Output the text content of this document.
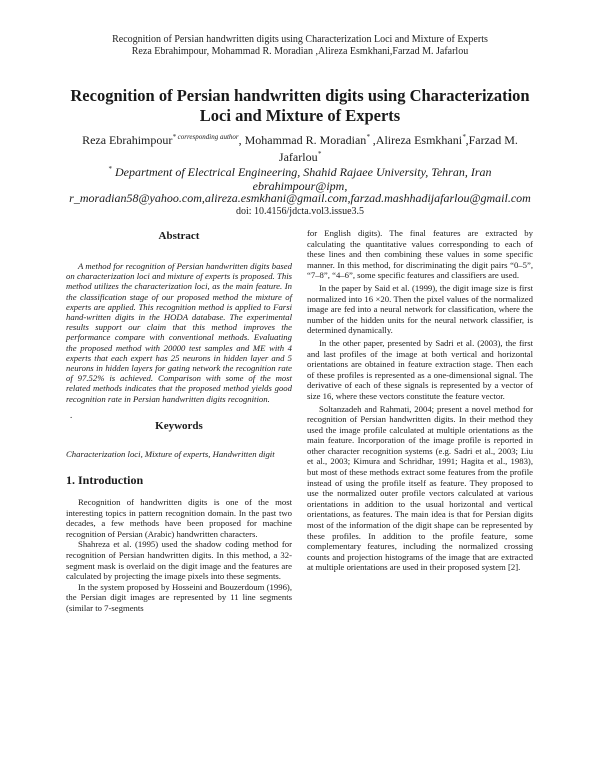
Recognition of Persian handwritten digits using Characterization Loci and Mixture of Experts
Reza Ebrahimpour, Mohammad R. Moradian ,Alireza Esmkhani,Farzad M. Jafarlou
Recognition of Persian handwritten digits using Characterization
Loci and Mixture of Experts
Reza Ebrahimpour$^{* corresponding author}$, Mohammad R. Moradian* ,Alireza Esmkhani*,Farzad M.
Jafarlou*
* Department of Electrical Engineering, Shahid Rajaee University, Tehran, Iran
ebrahimpour@ipm,
r_moradian58@yahoo.com,alireza.esmkhani@gmail.com,farzad.mashhadijafarlou@gmail.com
doi: 10.4156/jdcta.vol3.issue3.5
Abstract

A method for recognition of Persian handwritten digits based on characterization loci and mixture of experts is proposed. This method utilizes the characterization loci, as the main feature. In the classification stage of our proposed method the mixture of experts are applied. This recognition method is applied to Farsi hand-written digits in the HODA database. The experimental results support our claim that this method improves the performance compare with conventional methods. Evaluating the proposed method with 20000 test samples and ME with 4 experts that each expert has 25 neurons in hidden layer and 5 neurons in hidden layers for gating network the recognition rate of 97.52% is achieved. Comparison with some of the most related methods indicates that the proposed method yields good recognition rate in Persian handwritten digits recognition.

.
Keywords

Characterization loci, Mixture of experts, Handwritten digit

1. Introduction

Recognition of handwritten digits is one of the most interesting topics in pattern recognition domain. In the past two decades, a few methods have been proposed for machine recognition of Persian (Arabic) handwritten characters.

Shahreza et al. (1995) used the shadow coding method for recognition of Persian handwritten digits. In this method, a 32-segment mask is overlaid on the digit image and the features are calculated by projecting the image pixels into these segments.

In the system proposed by Hosseini and Bouzerdoum (1996), the Persian digit images are represented by 11 line segments (similar to 7-segments

for English digits). The final features are extracted by calculating the quantitative values corresponding to each of these lines and then combining these values in some specific manner. In this method, for discriminating the digit pairs “0–5”, “7–8”, “4–6”, some specific features and classifiers are used.

In the paper by Said et al. (1999), the digit image size is first normalized into 16 ×20. Then the pixel values of the normalized image are fed into a neural network for classification, where the number of the hidden units for the neural network classifier, is determined dynamically.

In the other paper, presented by Sadri et al. (2003), the first and last profiles of the image at both vertical and horizontal orientations are obtained in feature extraction stage. Then each of these profiles is represented as a one-dimensional signal. The derivative of each of these signals is represented by a vector of size 16, where these vectors constitute the feature vector.

Soltanzadeh and Rahmati, 2004; present a novel method for recognition of Persian handwritten digits. In their method they used the image profile calculated at multiple orientations as the main feature. Incorporation of the image profile is reported in other character recognition systems (e.g. Sadri et al., 2003; Liu et al., 2003; Kimura and Schridhar, 1991; Hagita et al., 1983), but most of these methods extract some features from the profile instead of using the profile itself as feature. They proposed to use the normalized outer profile vectors calculated at various orientations in addition to the usual horizontal and vertical orientations, as features. The main idea is that for Persian digits most of the information of the digit shape can be represented by these profiles. In addition to the profile feature, some complementary features, including the normalized crossing counts and projection histograms of the image that are extracted at multiple orientations are used in their proposed system [2].
